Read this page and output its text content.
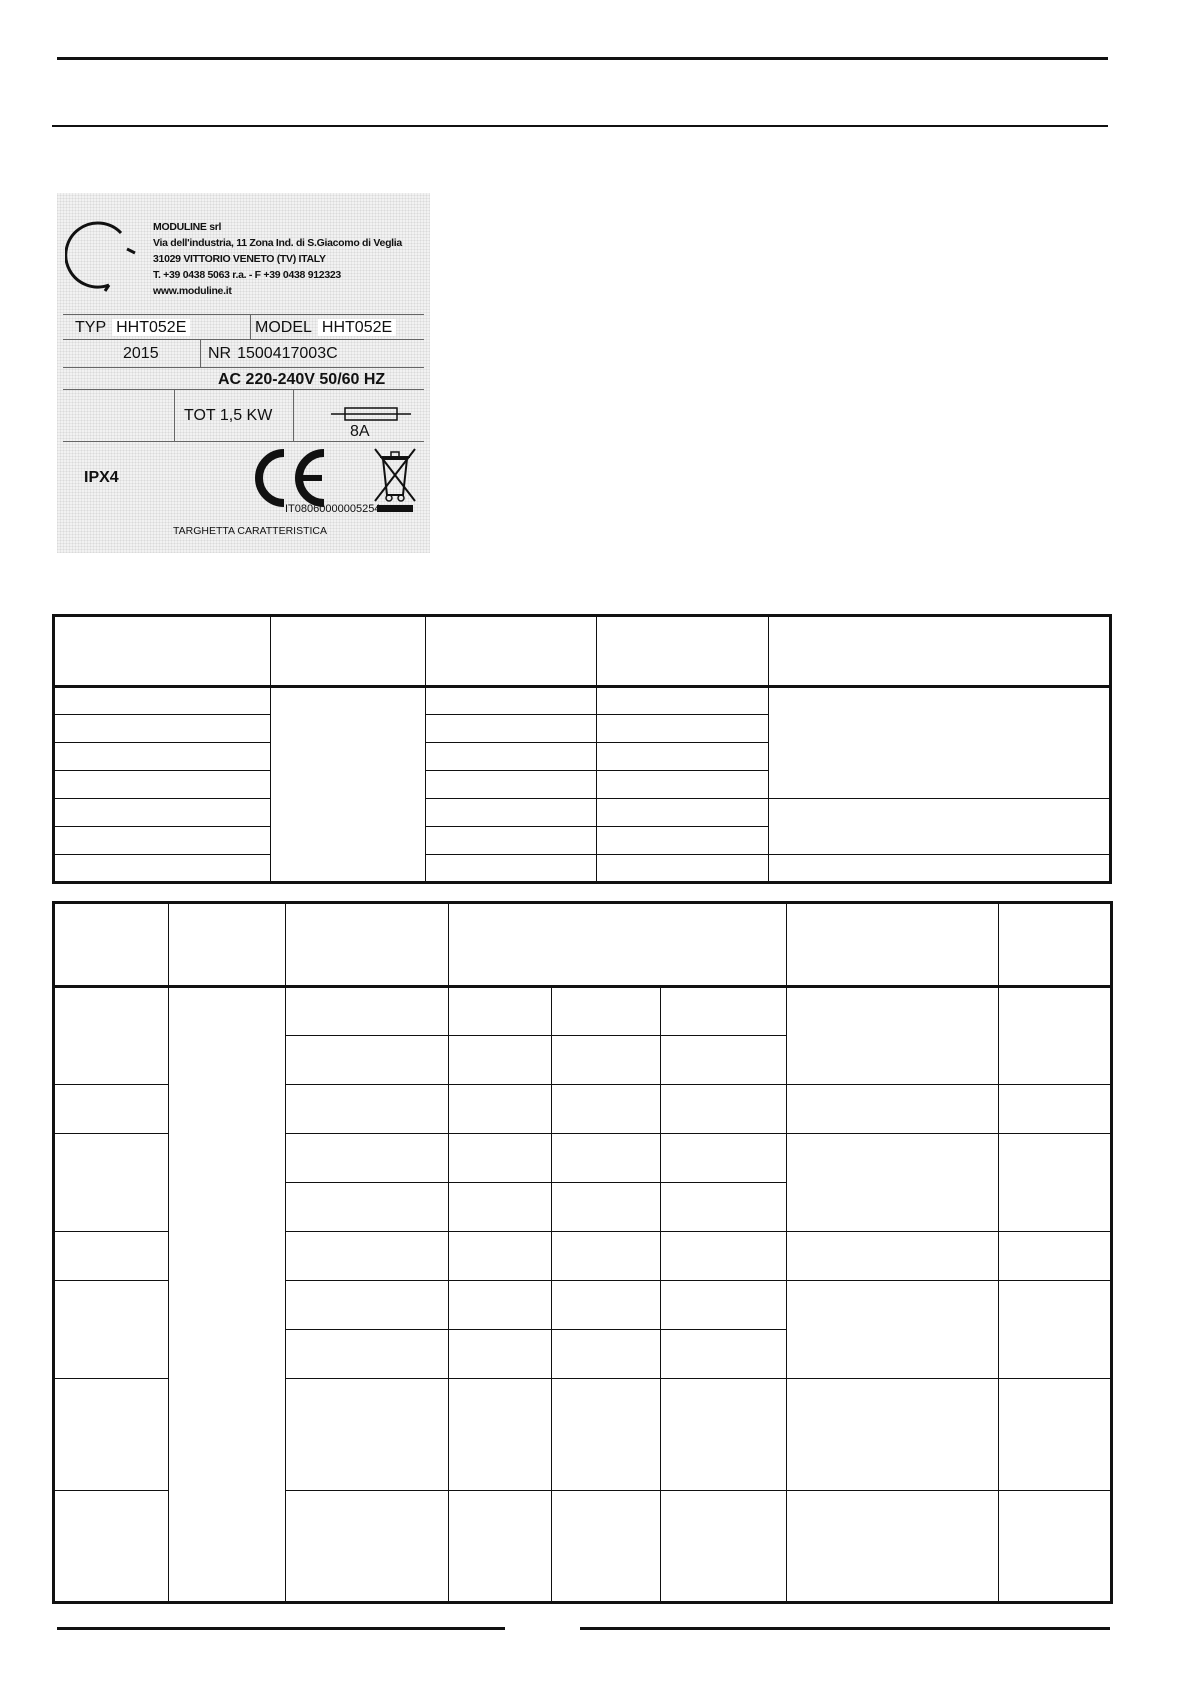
MODULINE srl
Via dell'industria, 11 Zona Ind. di S.Giacomo di Veglia
31029 VITTORIO VENETO (TV) ITALY
T. +39 0438 5063 r.a. - F +39 0438 912323
www.moduline.it
TYP HHT052E	MODEL HHT052E
2015	NR 1500417003C
AC 220-240V 50/60 HZ
TOT 1,5 KW
8A
IPX4
IT08060000005254
TARGHETTA CARATTERISTICA
